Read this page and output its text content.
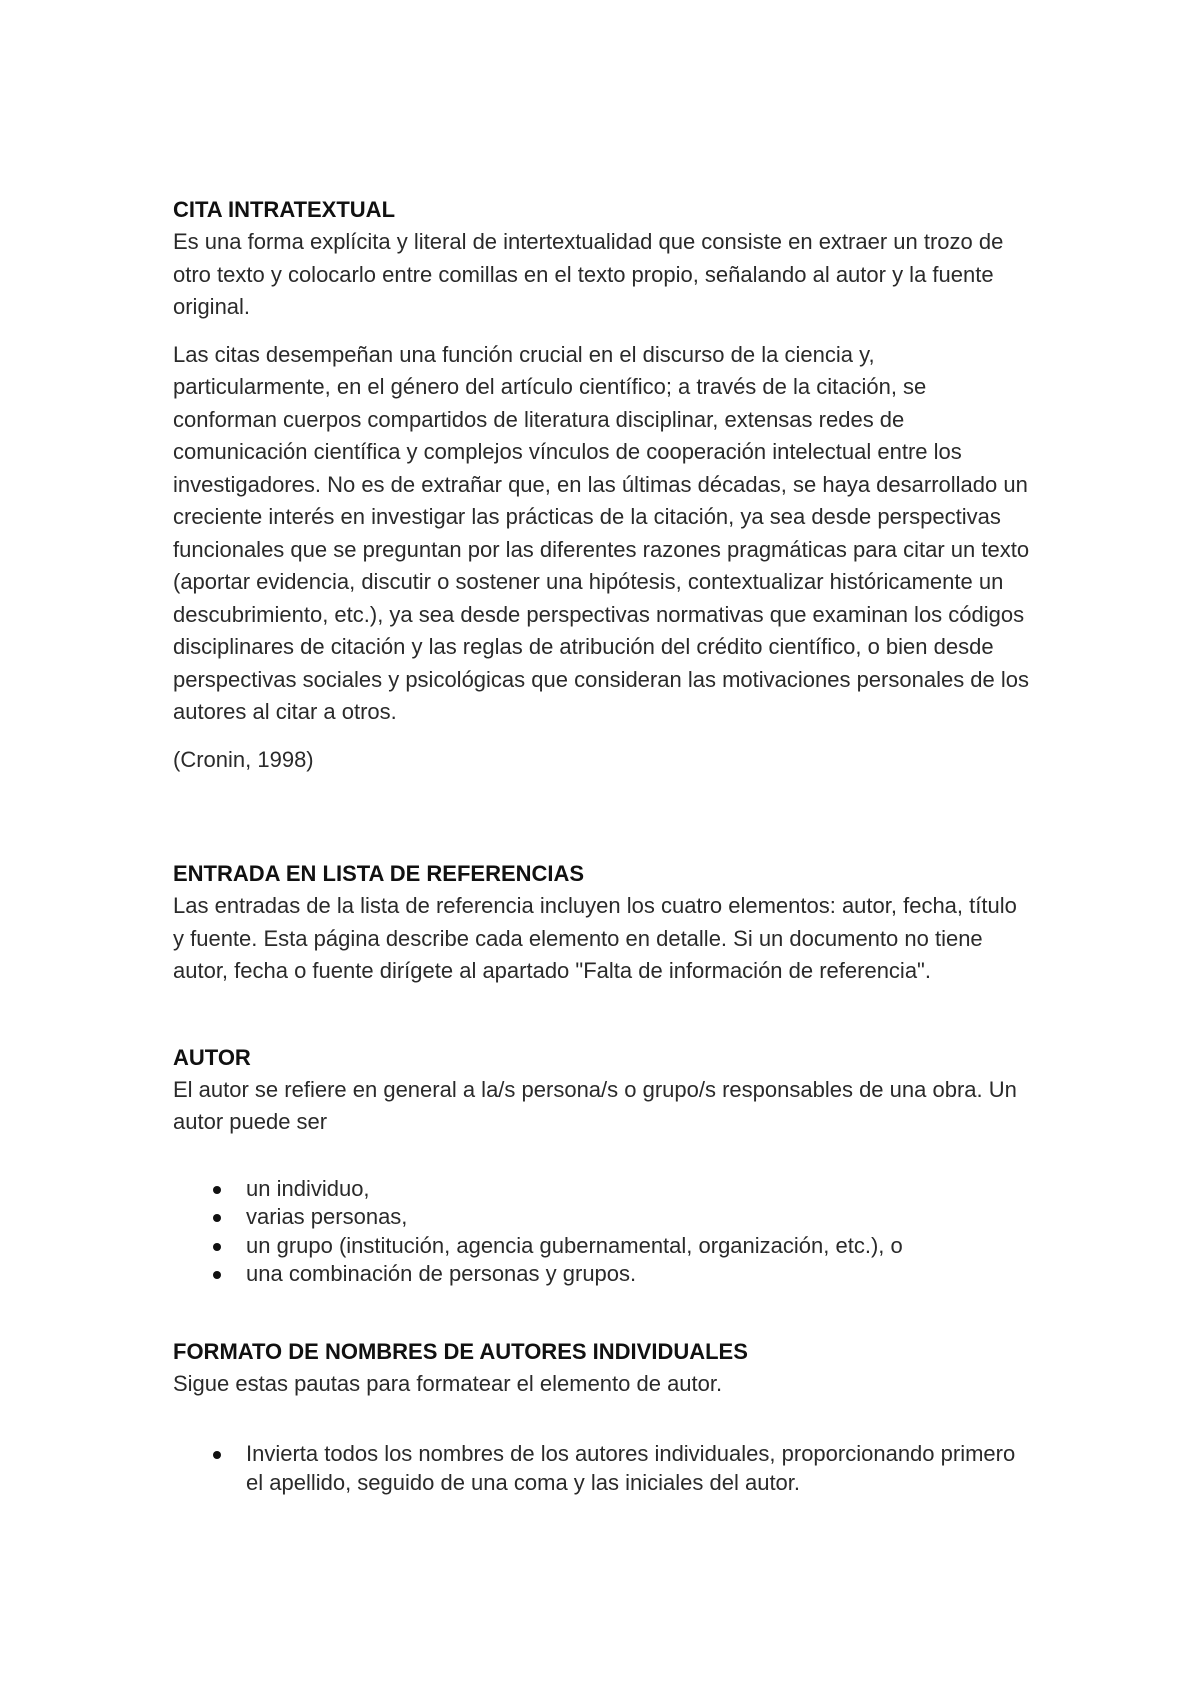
CITA INTRATEXTUAL

Es una forma explícita y literal de intertextualidad que consiste en extraer un trozo de otro texto y colocarlo entre comillas en el texto propio, señalando al autor y la fuente original.

Las citas desempeñan una función crucial en el discurso de la ciencia y, particularmente, en el género del artículo científico; a través de la citación, se conforman cuerpos compartidos de literatura disciplinar, extensas redes de comunicación científica y complejos vínculos de cooperación intelectual entre los investigadores. No es de extrañar que, en las últimas décadas, se haya desarrollado un creciente interés en investigar las prácticas de la citación, ya sea desde perspectivas funcionales que se preguntan por las diferentes razones pragmáticas para citar un texto (aportar evidencia, discutir o sostener una hipótesis, contextualizar históricamente un descubrimiento, etc.), ya sea desde perspectivas normativas que examinan los códigos disciplinares de citación y las reglas de atribución del crédito científico, o bien desde perspectivas sociales y psicológicas que consideran las motivaciones personales de los autores al citar a otros.

(Cronin, 1998)

ENTRADA EN LISTA DE REFERENCIAS

Las entradas de la lista de referencia incluyen los cuatro elementos: autor, fecha, título y fuente. Esta página describe cada elemento en detalle. Si un documento no tiene autor, fecha o fuente dirígete al apartado "Falta de información de referencia".

AUTOR

El autor se refiere en general a la/s persona/s o grupo/s responsables de una obra. Un autor puede ser

un individuo,
varias personas,
un grupo (institución, agencia gubernamental, organización, etc.), o
una combinación de personas y grupos.
FORMATO DE NOMBRES DE AUTORES INDIVIDUALES

Sigue estas pautas para formatear el elemento de autor.

Invierta todos los nombres de los autores individuales, proporcionando primero el apellido, seguido de una coma y las iniciales del autor.
